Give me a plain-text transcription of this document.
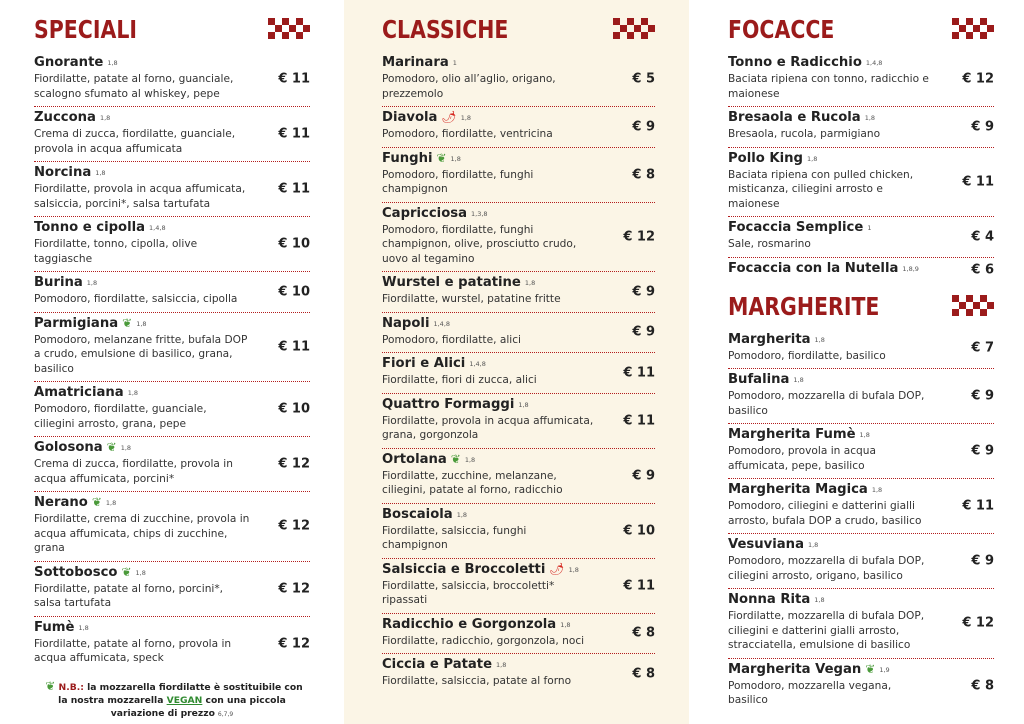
SPECIALI
Gnorante 1,8
Fiordilatte, patate al forno, guanciale, scalogno sfumato al whiskey, pepe
€ 11
Zuccona 1,8
Crema di zucca, fiordilatte, guanciale, provola in acqua affumicata
€ 11
Norcina 1,8
Fiordilatte, provola in acqua affumicata, salsiccia, porcini*, salsa tartufata
€ 11
Tonno e cipolla 1,4,8
Fiordilatte, tonno, cipolla, olive taggiasche
€ 10
Burina 1,8
Pomodoro, fiordilatte, salsiccia, cipolla	€ 10
Parmigiana ❦ 1,8
Pomodoro, melanzane fritte, bufala DOP a crudo, emulsione di basilico, grana, basilico
€ 11
Amatriciana 1,8
Pomodoro, fiordilatte, guanciale, ciliegini arrosto, grana, pepe
€ 10
Golosona ❦ 1,8
Crema di zucca, fiordilatte, provola in acqua affumicata, porcini*
€ 12
Nerano ❦ 1,8
Fiordilatte, crema di zucchine, provola in acqua affumicata, chips di zucchine, grana
€ 12
Sottobosco ❦ 1,8
Fiordilatte, patate al forno, porcini*, salsa tartufata
€ 12
Fumè 1,8
Fiordilatte, patate al forno, provola in acqua affumicata, speck
€ 12
❦ N.B.: la mozzarella fiordilatte è sostituibile con la nostra mozzarella VEGAN con una piccola variazione di prezzo 6,7,9
CLASSICHE
Marinara 1
Pomodoro, olio all’aglio, origano, prezzemolo
€ 5
Diavola 🌶 1,8
Pomodoro, fiordilatte, ventricina	€ 9
Funghi ❦ 1,8
Pomodoro, fiordilatte, funghi champignon
€ 8
Capricciosa 1,3,8
Pomodoro, fiordilatte, funghi champignon, olive, prosciutto crudo, uovo al tegamino
€ 12
Wurstel e patatine 1,8
Fiordilatte, wurstel, patatine fritte	€ 9
Napoli 1,4,8
Pomodoro, fiordilatte, alici	€ 9
Fiori e Alici 1,4,8
Fiordilatte, fiori di zucca, alici	€ 11
Quattro Formaggi 1,8
Fiordilatte, provola in acqua affumicata, grana, gorgonzola
€ 11
Ortolana ❦ 1,8
Fiordilatte, zucchine, melanzane, ciliegini, patate al forno, radicchio
€ 9
Boscaiola 1,8
Fiordilatte, salsiccia, funghi champignon
€ 10
Salsiccia e Broccoletti 🌶 1,8
Fiordilatte, salsiccia, broccoletti* ripassati
€ 11
Radicchio e Gorgonzola 1,8
Fiordilatte, radicchio, gorgonzola, noci	€ 8
Ciccia e Patate 1,8
Fiordilatte, salsiccia, patate al forno	€ 8
FOCACCE
Tonno e Radicchio 1,4,8
Baciata ripiena con tonno, radicchio e maionese
€ 12
Bresaola e Rucola 1,8
Bresaola, rucola, parmigiano	€ 9
Pollo King 1,8
Baciata ripiena con pulled chicken, misticanza, ciliegini arrosto e maionese
€ 11
Focaccia Semplice 1
Sale, rosmarino	€ 4
Focaccia con la Nutella 1,8,9	€ 6
MARGHERITE
Margherita 1,8
Pomodoro, fiordilatte, basilico	€ 7
Bufalina 1,8
Pomodoro, mozzarella di bufala DOP, basilico
€ 9
Margherita Fumè 1,8
Pomodoro, provola in acqua affumicata, pepe, basilico
€ 9
Margherita Magica 1,8
Pomodoro, ciliegini e datterini gialli arrosto, bufala DOP a crudo, basilico
€ 11
Vesuviana 1,8
Pomodoro, mozzarella di bufala DOP, ciliegini arrosto, origano, basilico
€ 9
Nonna Rita 1,8
Fiordilatte, mozzarella di bufala DOP, ciliegini e datterini gialli arrosto, stracciatella, emulsione di basilico
€ 12
Margherita Vegan ❦ 1,9
Pomodoro, mozzarella vegana, basilico
€ 8
